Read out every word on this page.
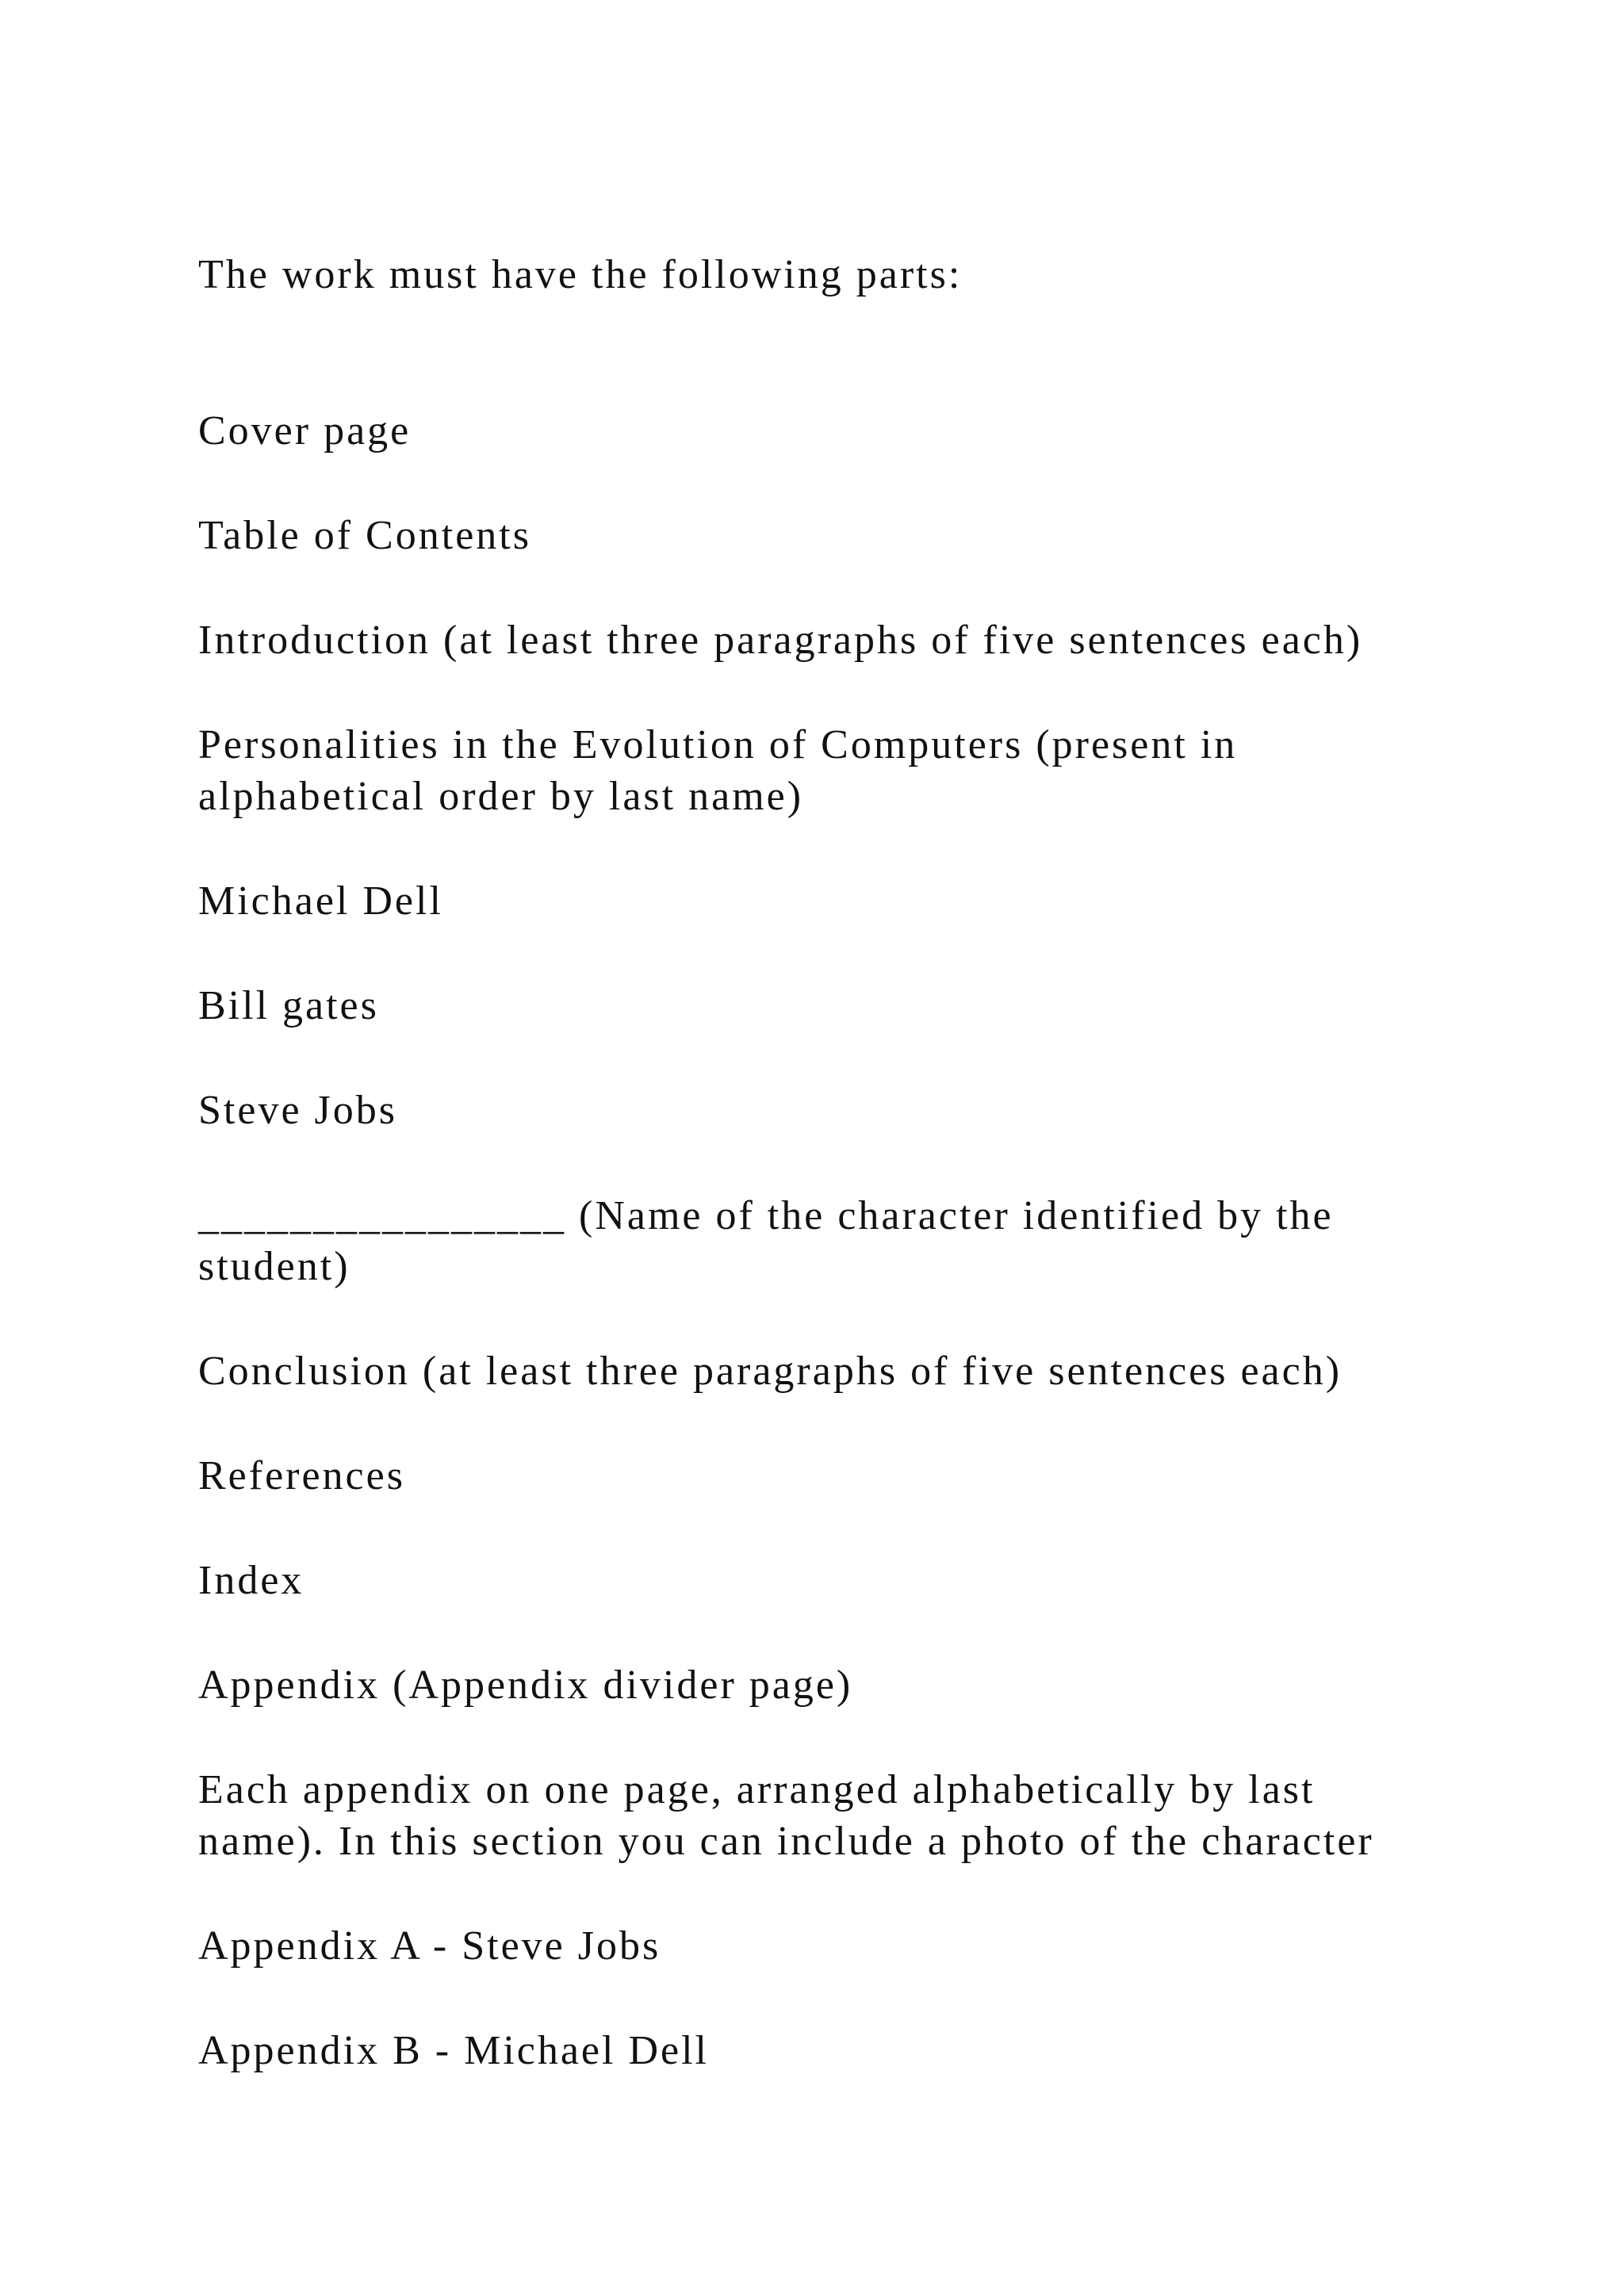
The work must have the following parts:
Cover page
Table of Contents
Introduction (at least three paragraphs of five sentences each)
Personalities in the Evolution of Computers (present in
alphabetical order by last name)
Michael Dell
Bill gates
Steve Jobs
________________ (Name of the character identified by the
student)
Conclusion (at least three paragraphs of five sentences each)
References
Index
Appendix (Appendix divider page)
Each appendix on one page, arranged alphabetically by last
name). In this section you can include a photo of the character
Appendix A - Steve Jobs
Appendix B - Michael Dell
